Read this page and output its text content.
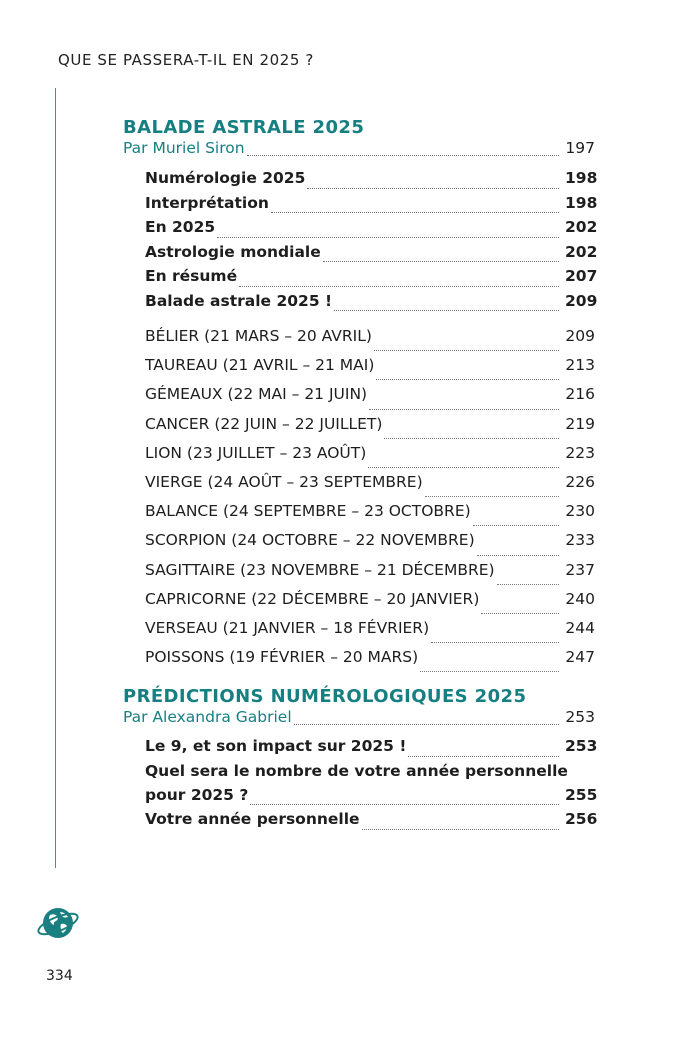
QUE SE PASSERA-T-IL EN 2025 ?
BALADE ASTRALE 2025
Par Muriel Siron	197
Numérologie 2025	198
Interprétation	198
En 2025	202
Astrologie mondiale	202
En résumé	207
Balade astrale 2025 !	209
BÉLIER (21 MARS – 20 AVRIL)	209
TAUREAU (21 AVRIL – 21 MAI)	213
GÉMEAUX (22 MAI – 21 JUIN)	216
CANCER (22 JUIN – 22 JUILLET)	219
LION (23 JUILLET – 23 AOÛT)	223
VIERGE (24 AOÛT – 23 SEPTEMBRE)	226
BALANCE (24 SEPTEMBRE – 23 OCTOBRE)	230
SCORPION (24 OCTOBRE – 22 NOVEMBRE)	233
SAGITTAIRE (23 NOVEMBRE – 21 DÉCEMBRE)	237
CAPRICORNE (22 DÉCEMBRE – 20 JANVIER)	240
VERSEAU (21 JANVIER – 18 FÉVRIER)	244
POISSONS (19 FÉVRIER – 20 MARS)	247
PRÉDICTIONS NUMÉROLOGIQUES 2025
Par Alexandra Gabriel	253
Le 9, et son impact sur 2025 !	253
Quel sera le nombre de votre année personnelle
pour 2025 ?	255
Votre année personnelle	256
334
